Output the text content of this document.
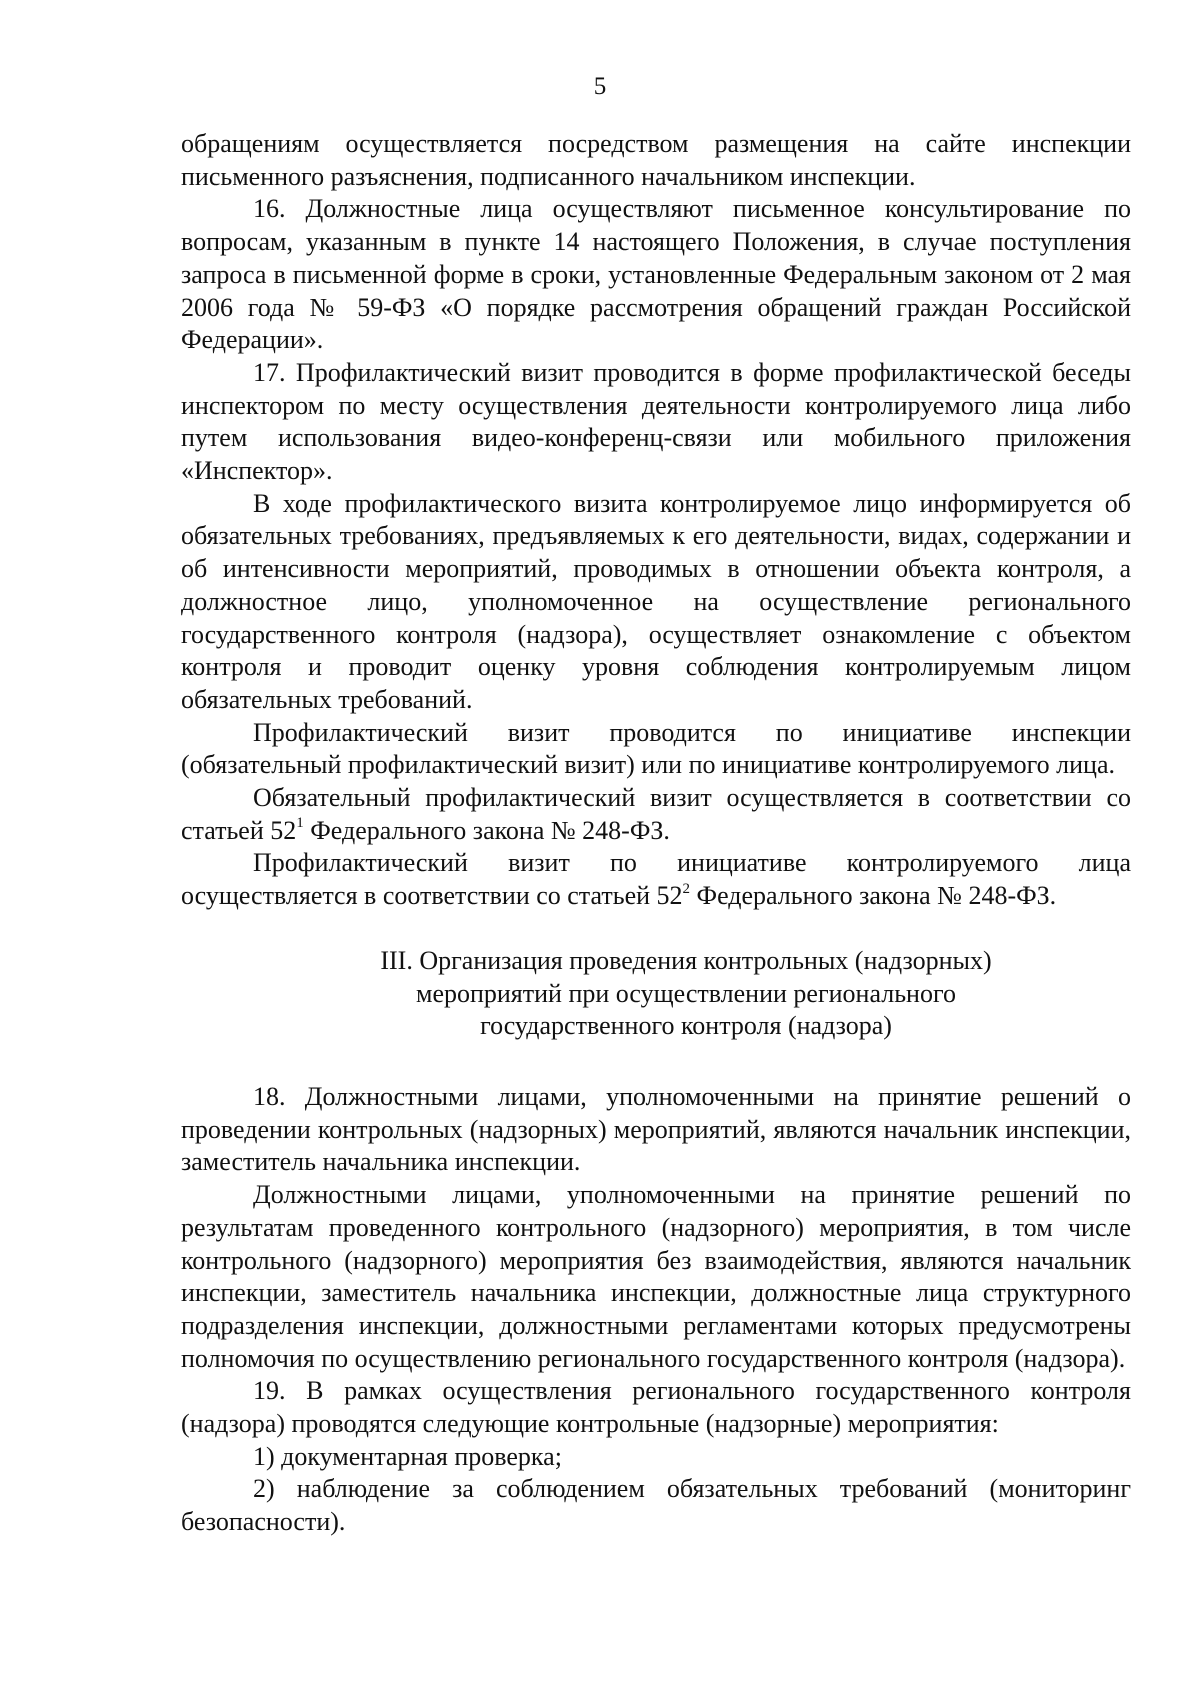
5

обращениям осуществляется посредством размещения на сайте инспекции письменного разъяснения, подписанного начальником инспекции.

16. Должностные лица осуществляют письменное консультирование по вопросам, указанным в пункте 14 настоящего Положения, в случае поступления запроса в письменной форме в сроки, установленные Федеральным законом от 2 мая 2006 года № 59-ФЗ «О порядке рассмотрения обращений граждан Российской Федерации».

17. Профилактический визит проводится в форме профилактической беседы инспектором по месту осуществления деятельности контролируемого лица либо путем использования видео-конференц-связи или мобильного приложения «Инспектор».

В ходе профилактического визита контролируемое лицо информируется об обязательных требованиях, предъявляемых к его деятельности, видах, содержании и об интенсивности мероприятий, проводимых в отношении объекта контроля, а должностное лицо, уполномоченное на осуществление регионального государственного контроля (надзора), осуществляет ознакомление с объектом контроля и проводит оценку уровня соблюдения контролируемым лицом обязательных требований.

Профилактический визит проводится по инициативе инспекции (обязательный профилактический визит) или по инициативе контролируемого лица.

Обязательный профилактический визит осуществляется в соответствии со статьей $52^1$ Федерального закона № 248-ФЗ.

Профилактический визит по инициативе контролируемого лица осуществляется в соответствии со статьей $52^2$ Федерального закона № 248-ФЗ.

III. Организация проведения контрольных (надзорных)
мероприятий при осуществлении регионального
государственного контроля (надзора)

18. Должностными лицами, уполномоченными на принятие решений о проведении контрольных (надзорных) мероприятий, являются начальник инспекции, заместитель начальника инспекции.

Должностными лицами, уполномоченными на принятие решений по результатам проведенного контрольного (надзорного) мероприятия, в том числе контрольного (надзорного) мероприятия без взаимодействия, являются начальник инспекции, заместитель начальника инспекции, должностные лица структурного подразделения инспекции, должностными регламентами которых предусмотрены полномочия по осуществлению регионального государственного контроля (надзора).

19. В рамках осуществления регионального государственного контроля (надзора) проводятся следующие контрольные (надзорные) мероприятия:

1) документарная проверка;

2) наблюдение за соблюдением обязательных требований (мониторинг безопасности).
